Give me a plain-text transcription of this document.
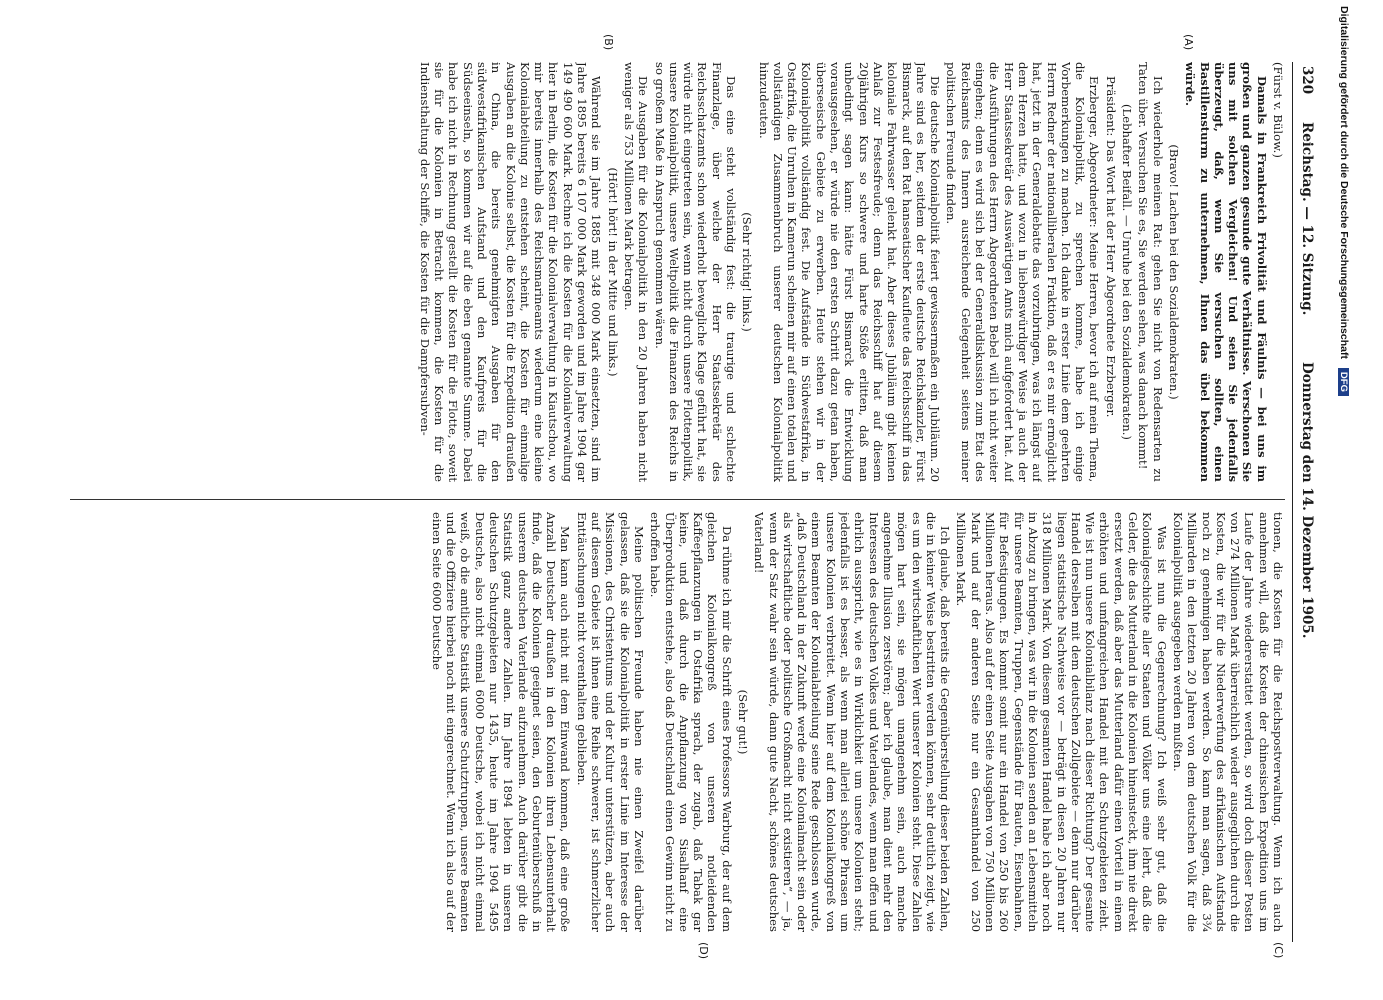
320
Reichstag. — 12. Sitzung.
Donnerstag den 14. Dezember 1905.
(A)
(B)
(C)
(D)

(Fürst v. Bülow.)

Damals in Frankreich Frivolität und Fäulnis — bei uns im großen und ganzen gesunde gute Verhältnisse. Verschonen Sie uns mit solchen Vergleichen! Und seien Sie jedenfalls überzeugt, daß, wenn Sie versuchen sollten, einen Bastillensturm zu unternehmen, Ihnen das übel bekommen würde.

(Bravo! Lachen bei den Sozialdemokraten.)

Ich wiederhole meinen Rat: gehen Sie nicht von Redensarten zu Taten über. Versuchen Sie es, Sie werden sehen, was danach kommt!

(Lebhafter Beifall. — Unruhe bei den Sozialdemokraten.)

Präsident: Das Wort hat der Herr Abgeordnete Erzberger.

Erzberger, Abgeordneter: Meine Herren, bevor ich auf mein Thema, die Kolonialpolitik, zu sprechen komme, habe ich einige Vorbemerkungen zu machen. Ich danke in erster Linie dem geehrten Herrn Redner der nationalliberalen Fraktion, daß er es mir ermöglicht hat, jetzt in der Generaldebatte das vorzubringen, was ich längst auf dem Herzen hatte, und wozu in liebenswürdiger Weise ja auch der Herr Staatssekretär des Auswärtigen Amts mich aufgefordert hat. Auf die Ausführungen des Herrn Abgeordneten Bebel will ich nicht weiter eingehen; denn es wird sich bei der Generaldiskussion zum Etat des Reichsamts des Innern ausreichende Gelegenheit seitens meiner politischen Freunde finden.

Die deutsche Kolonialpolitik feiert gewissermaßen ein Jubiläum. 20 Jahre sind es her, seitdem der erste deutsche Reichskanzler, Fürst Bismarck, auf den Rat hanseatischer Kaufleute das Reichsschiff in das koloniale Fahrwasser gelenkt hat. Aber dieses Jubiläum gibt keinen Anlaß zur Festesfreude; denn das Reichsschiff hat auf diesem 20jährigen Kurs so schwere und harte Stöße erlitten, daß man unbedingt sagen kann: hätte Fürst Bismarck die Entwicklung vorausgesehen, er würde nie den ersten Schritt dazu getan haben, überseeische Gebiete zu erwerben. Heute stehen wir in der Kolonialpolitik vollständig fest. Die Aufstände in Südwestafrika, in Ostafrika, die Unruhen in Kamerun scheinen mir auf einen totalen und vollständigen Zusammenbruch unserer deutschen Kolonialpolitik hinzudeuten.

(Sehr richtig! links.)

Das eine steht vollständig fest: die traurige und schlechte Finanzlage, über welche der Herr Staatssekretär des Reichsschatzamts schon wiederholt bewegliche Klage geführt hat, sie würde nicht eingetreten sein, wenn nicht durch unsere Flottenpolitik, unsere Kolonialpolitik, unsere Weltpolitik die Finanzen des Reichs in so großem Maße in Anspruch genommen wären.

Die Ausgaben für die Kolonialpolitik in den 20 Jahren haben nicht weniger als 753 Millionen Mark betragen.

(Hört! hört! in der Mitte und links.)

Während sie im Jahre 1885 mit 348 000 Mark einsetzten, sind im Jahre 1895 bereits 6 107 000 Mark geworden und im Jahre 1904 gar 149 490 600 Mark. Rechne ich die Kosten für die Kolonialverwaltung hier in Berlin, die Kosten für die Kolonialverwaltung in Kiautschou, wo mir bereits innerhalb des Reichsmarineamts wiederum eine kleine Kolonialabteilung zu entstehen scheint, die Kosten für einmalige Ausgaben an die Kolonie selbst, die Kosten für die Expedition draußen in China, die bereits genehmigten Ausgaben für den südwestafrikanischen Aufstand und den Kaufpreis für die Südseeinseln, so kommen wir auf die eben genannte Summe. Dabei habe ich nicht in Rechnung gestellt die Kosten für die Flotte, soweit sie für die Kolonien in Betracht kommen, die Kosten für die Indiensthaltung der Schiffe, die Kosten für die Dampfersubven-

tionen, die Kosten für die Reichspostverwaltung. Wenn ich auch annehmen will, daß die Kosten der chinesischen Expedition uns im Laufe der Jahre wiedererstattet werden, so wird doch dieser Posten von 274 Millionen Mark überreichlich wieder ausgeglichen durch die Kosten, die wir für die Niederwerfung des afrikanischen Aufstands noch zu genehmigen haben werden. So kann man sagen, daß 3¾ Milliarden in den letzten 20 Jahren von dem deutschen Volk für die Kolonialpolitik ausgegeben werden mußten.

Was ist nun die Gegenrechnung? Ich weiß sehr gut, daß die Kolonialgeschichte aller Staaten und Völker uns eine lehrt, daß die Gelder, die das Mutterland in die Kolonien hineinsteckt, ihm nie direkt ersetzt werden, daß aber das Mutterland dafür einen Vorteil in einem erhöhten und umfangreichen Handel mit den Schutzgebieten zieht. Wie ist nun unsere Kolonialbilanz nach dieser Richtung? Der gesamte Handel derselben mit dem deutschen Zollgebiete — denn nur darüber liegen statistische Nachweise vor — beträgt in diesen 20 Jahren nur 318 Millionen Mark. Von diesem gesamten Handel habe ich aber noch in Abzug zu bringen, was wir in die Kolonien senden an Lebensmitteln für unsere Beamten, Truppen, Gegenstände für Bauten, Eisenbahnen, für Befestigungen. Es kommt somit nur ein Handel von 250 bis 260 Millionen heraus. Also auf der einen Seite Ausgaben von 750 Millionen Mark und auf der anderen Seite nur ein Gesamthandel von 250 Millionen Mark.

Ich glaube, daß bereits die Gegenüberstellung dieser beiden Zahlen, die in keiner Weise bestritten werden können, sehr deutlich zeigt, wie es um den wirtschaftlichen Wert unserer Kolonien steht. Diese Zahlen mögen hart sein, sie mögen unangenehm sein, auch manche angenehme Illusion zerstören; aber ich glaube, man dient mehr den Interessen des deutschen Volkes und Vaterlandes, wenn man offen und ehrlich ausspricht, wie es in Wirklichkeit um unsere Kolonien steht; jedenfalls ist es besser, als wenn man allerlei schöne Phrasen um unsere Kolonien verbreitet. Wenn hier auf dem Kolonialkongreß von einem Beamten der Kolonialabteilung seine Rede geschlossen wurde, „daß Deutschland in der Zukunft werde eine Kolonialmacht sein oder als wirtschaftliche oder politische Großmacht nicht existieren“, — ja, wenn der Satz wahr sein würde, dann gute Nacht, schönes deutsches Vaterland!

(Sehr gut!)

Da rühme ich mir die Schrift eines Professors Warburg, der auf dem gleichen Kolonialkongreß von unseren notleidenden Kaffeepflanzungen in Ostafrika sprach, der zugab, daß Tabak gar keine, und daß durch die Anpflanzung von Sisalhanf eine Überproduktion entstehe, also daß Deutschland einen Gewinn nicht zu erhoffen habe.

Meine politischen Freunde haben nie einen Zweifel darüber gelassen, daß sie die Kolonialpolitik in erster Linie im Interesse der Missionen, des Christentums und der Kultur unterstützen, aber auch auf diesem Gebiete ist ihnen eine Reihe schwerer, ist schmerzlicher Enttäuschungen nicht vorenthalten geblieben.

Man kann auch nicht mit dem Einwand kommen, daß eine große Anzahl Deutscher draußen in den Kolonien ihren Lebensunterhalt finde, daß die Kolonien geeignet seien, den Geburtenüberschuß in unserem deutschen Vaterlande aufzunehmen. Auch darüber gibt die Statistik ganz andere Zahlen. Im Jahre 1894 lebten in unseren deutschen Schutzgebieten nur 1435, heute im Jahre 1904 5495 Deutsche, also nicht einmal 6000 Deutsche, wobei ich nicht einmal weiß, ob die amtliche Statistik unsere Schutztruppen, unsere Beamten und die Offiziere hierbei noch mit eingerechnet. Wenn ich also auf der einen Seite 6000 Deutsche

Digitalisierung gefördert durch die Deutsche Forschungsgemeinschaft DFG
